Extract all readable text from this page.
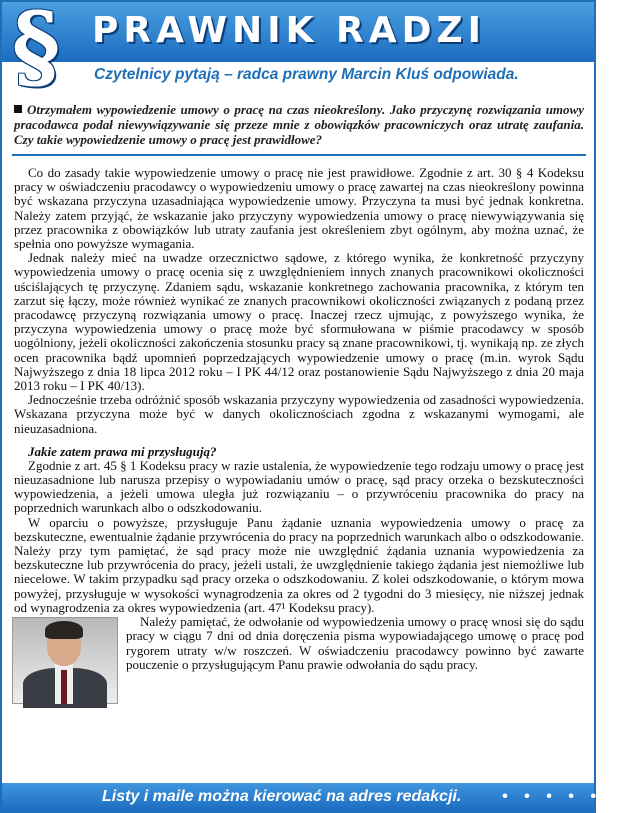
§ PRAWNIK RADZI
Czytelnicy pytają – radca prawny Marcin Kluś odpowiada.
Otrzymałem wypowiedzenie umowy o pracę na czas nieokreślony. Jako przyczynę rozwiązania umowy pracodawca podał niewywiązywanie się przeze mnie z obowiązków pracowniczych oraz utratę zaufania. Czy takie wypowiedzenie umowy o pracę jest prawidłowe?

Co do zasady takie wypowiedzenie umowy o pracę nie jest prawidłowe. Zgodnie z art. 30 § 4 Kodeksu pracy w oświadczeniu pracodawcy o wypowiedzeniu umowy o pracę zawartej na czas nieokreślony powinna być wskazana przyczyna uzasadniająca wypowiedzenie umowy. Przyczyna ta musi być jednak konkretna. Należy zatem przyjąć, że wskazanie jako przyczyny wypowiedzenia umowy o pracę niewywiązywania się przez pracownika z obowiązków lub utraty zaufania jest określeniem zbyt ogólnym, aby można uznać, że spełnia ono powyższe wymagania.

Jednak należy mieć na uwadze orzecznictwo sądowe, z którego wynika, że konkretność przyczyny wypowiedzenia umowy o pracę ocenia się z uwzględnieniem innych znanych pracownikowi okoliczności uściślających tę przyczynę. Zdaniem sądu, wskazanie konkretnego zachowania pracownika, z którym ten zarzut się łączy, może również wynikać ze znanych pracownikowi okoliczności związanych z podaną przez pracodawcę przyczyną rozwiązania umowy o pracę. Inaczej rzecz ujmując, z powyższego wynika, że przyczyna wypowiedzenia umowy o pracę może być sformułowana w piśmie pracodawcy w sposób uogólniony, jeżeli okoliczności zakończenia stosunku pracy są znane pracownikowi, tj. wynikają np. ze złych ocen pracownika bądź upomnień poprzedzających wypowiedzenie umowy o pracę (m.in. wyrok Sądu Najwyższego z dnia 18 lipca 2012 roku – I PK 44/12 oraz postanowienie Sądu Najwyższego z dnia 20 maja 2013 roku – I PK 40/13).

Jednocześnie trzeba odróżnić sposób wskazania przyczyny wypowiedzenia od zasadności wypowiedzenia. Wskazana przyczyna może być w danych okolicznościach zgodna z wskazanymi wymogami, ale nieuzasadniona.

Jakie zatem prawa mi przysługują?

Zgodnie z art. 45 § 1 Kodeksu pracy w razie ustalenia, że wypowiedzenie tego rodzaju umowy o pracę jest nieuzasadnione lub narusza przepisy o wypowiadaniu umów o pracę, sąd pracy orzeka o bezskuteczności wypowiedzenia, a jeżeli umowa uległa już rozwiązaniu – o przywróceniu pracownika do pracy na poprzednich warunkach albo o odszkodowaniu.

W oparciu o powyższe, przysługuje Panu żądanie uznania wypowiedzenia umowy o pracę za bezskuteczne, ewentualnie żądanie przywrócenia do pracy na poprzednich warunkach albo o odszkodowanie. Należy przy tym pamiętać, że sąd pracy może nie uwzględnić żądania uznania wypowiedzenia za bezskuteczne lub przywrócenia do pracy, jeżeli ustali, że uwzględnienie takiego żądania jest niemożliwe lub niecelowe. W takim przypadku sąd pracy orzeka o odszkodowaniu. Z kolei odszkodowanie, o którym mowa powyżej, przysługuje w wysokości wynagrodzenia za okres od 2 tygodni do 3 miesięcy, nie niższej jednak od wynagrodzenia za okres wypowiedzenia (art. 47¹ Kodeksu pracy).

Należy pamiętać, że odwołanie od wypowiedzenia umowy o pracę wnosi się do sądu pracy w ciągu 7 dni od dnia doręczenia pisma wypowiadającego umowę o pracę pod rygorem utraty w/w roszczeń. W oświadczeniu pracodawcy powinno być zawarte pouczenie o przysługującym Panu prawie odwołania do sądu pracy.

Listy i maile można kierować na adres redakcji.	• • • • • •
